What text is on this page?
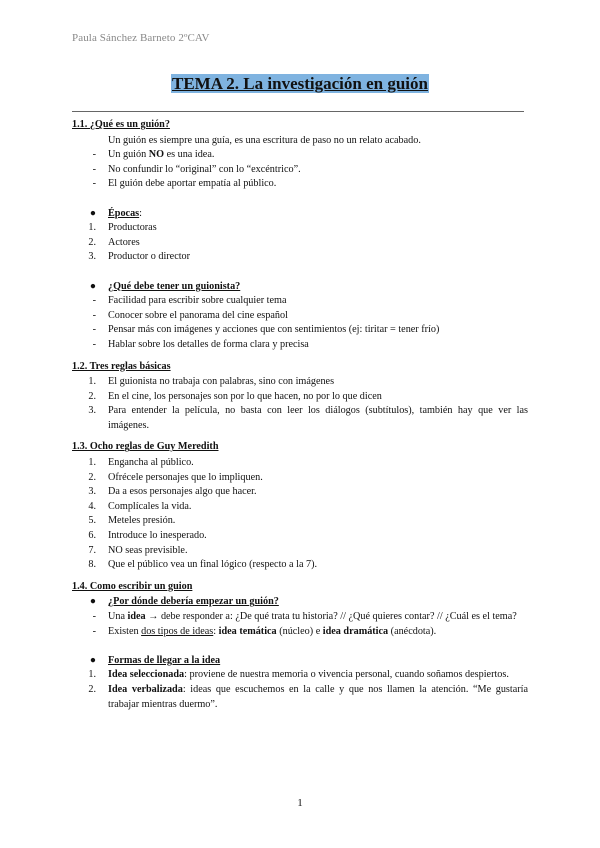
Paula Sánchez Barneto 2ºCAV
TEMA 2. La investigación en guión
1.1. ¿Qué es un guión?
Un guión es siempre una guía, es una escritura de paso no un relato acabado.
-	Un guión NO es una idea.
-	No confundir lo “original” con lo “excéntrico”.
-	El guión debe aportar empatía al público.
●	Épocas:
1.	Productoras
2.	Actores
3.	Productor o director
●	¿Qué debe tener un guionista?
-	Facilidad para escribir sobre cualquier tema
-	Conocer sobre el panorama del cine español
-	Pensar más con imágenes y acciones que con sentimientos (ej: tiritar = tener frío)
-	Hablar sobre los detalles de forma clara y precisa
1.2. Tres reglas básicas
1.	El guionista no trabaja con palabras, sino con imágenes
2.	En el cine, los personajes son por lo que hacen, no por lo que dicen
3.	Para entender la película, no basta con leer los diálogos (subtítulos), también hay que ver las imágenes.
1.3. Ocho reglas de Guy Meredith
1.	Engancha al público.
2.	Ofrécele personajes que lo impliquen.
3.	Da a esos personajes algo que hacer.
4.	Complícales la vida.
5.	Meteles presión.
6.	Introduce lo inesperado.
7.	NO seas previsible.
8.	Que el público vea un final lógico (respecto a la 7).
1.4. Como escribir un guion
●	¿Por dónde debería empezar un guión?
-	Una idea → debe responder a: ¿De qué trata tu historia? // ¿Qué quieres contar? // ¿Cuál es el tema?
-	Existen dos tipos de ideas: idea temática (núcleo) e idea dramática (anécdota).
●	Formas de llegar a la idea
1.	Idea seleccionada: proviene de nuestra memoria o vivencia personal, cuando soñamos despiertos.
2.	Idea verbalizada: ideas que escuchemos en la calle y que nos llamen la atención. “Me gustaría trabajar mientras duermo”.
1
